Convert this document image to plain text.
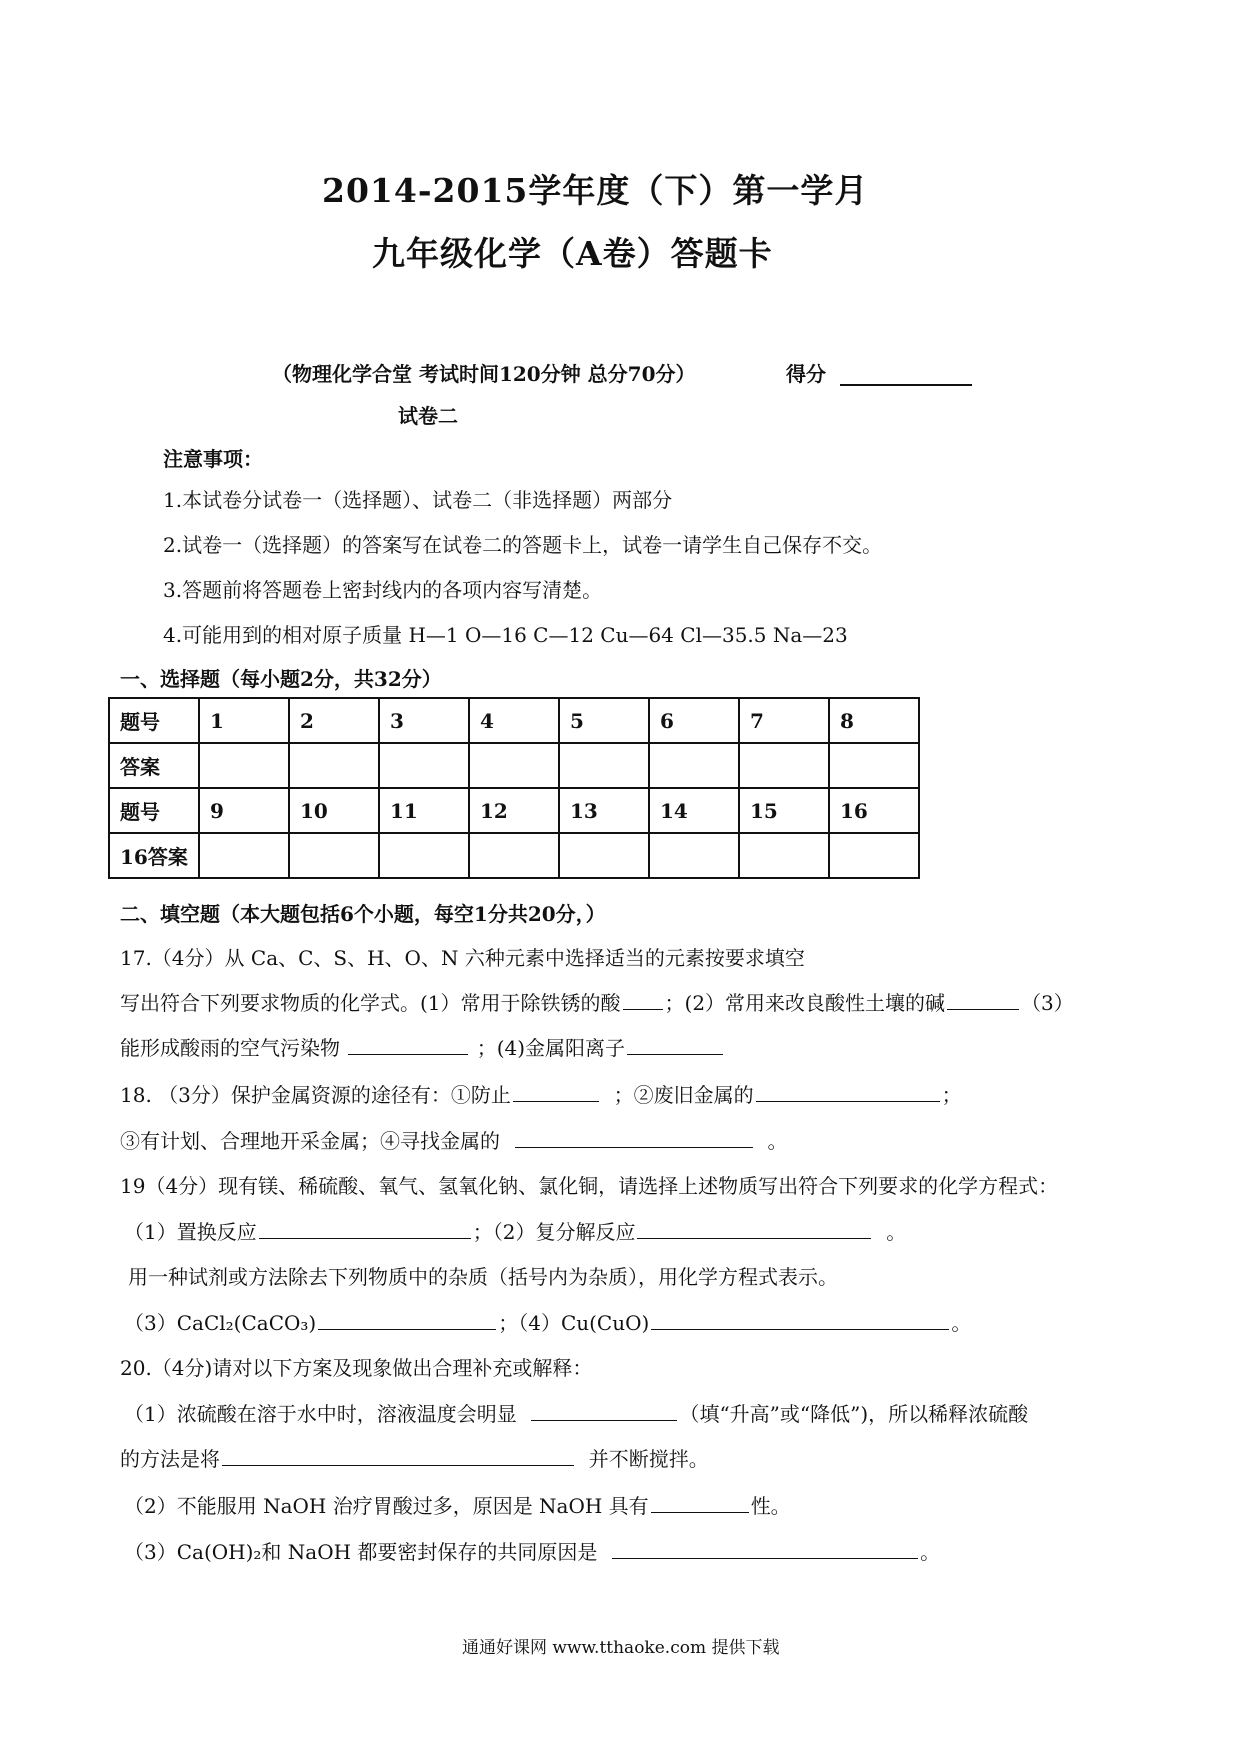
2014-2015学年度（下）第一学月
九年级化学（A卷）答题卡
（物理化学合堂 考试时间120分钟 总分70分）	得分
试卷二
注意事项：
1.本试卷分试卷一（选择题）、试卷二（非选择题）两部分
2.试卷一（选择题）的答案写在试卷二的答题卡上，试卷一请学生自己保存不交。
3.答题前将答题卷上密封线内的各项内容写清楚。
4.可能用到的相对原子质量 H—1 O—16 C—12 Cu—64 Cl—35.5 Na—23
一、选择题（每小题2分，共32分）
题号	1	2	3	4	5	6	7	8
答案								
题号	9	10	11	12	13	14	15	16
16答案								
二、填空题（本大题包括6个小题，每空1分共20分，）
17.（4分）从 Ca、C、S、H、O、N 六种元素中选择适当的元素按要求填空
写出符合下列要求物质的化学式。(1）常用于除铁锈的酸 ；(2）常用来改良酸性土壤的碱	（3）
能形成酸雨的空气污染物	；(4)金属阳离子
18. （3分）保护金属资源的途径有：①防止	；②废旧金属的	；
③有计划、合理地开采金属；④寻找金属的	。
19（4分）现有镁、稀硫酸、氧气、氢氧化钠、氯化铜，请选择上述物质写出符合下列要求的化学方程式：
（1）置换反应	；（2）复分解反应	。
用一种试剂或方法除去下列物质中的杂质（括号内为杂质），用化学方程式表示。
（3）CaCl₂(CaCO₃)	；（4）Cu(CuO)	。
20.（4分)请对以下方案及现象做出合理补充或解释：
（1）浓硫酸在溶于水中时，溶液温度会明显	（填“升高”或“降低”)，所以稀释浓硫酸
的方法是将	并不断搅拌。
（2）不能服用 NaOH 治疗胃酸过多，原因是 NaOH 具有	性。
（3）Ca(OH)₂和 NaOH 都要密封保存的共同原因是	。
通通好课网 www.tthaoke.com 提供下载
